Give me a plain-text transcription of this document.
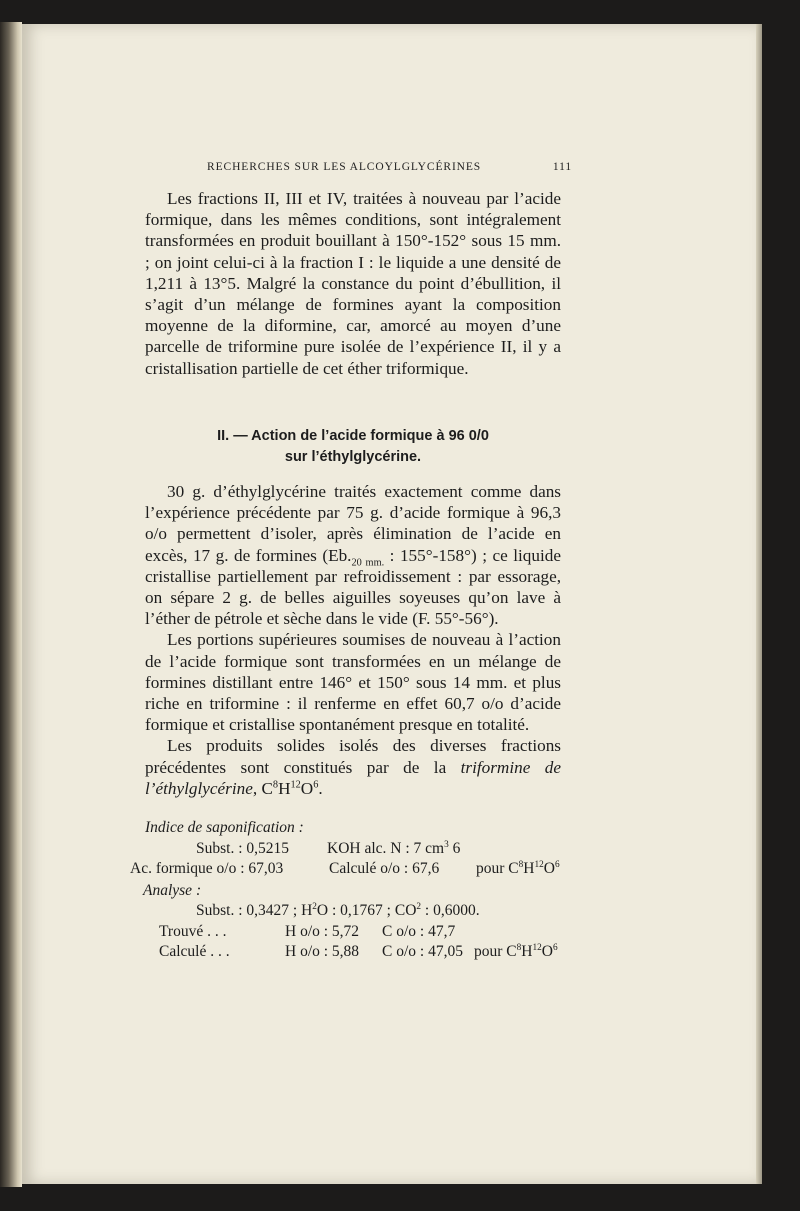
RECHERCHES SUR LES ALCOYLGLYCÉRINES	111

Les fractions II, III et IV, traitées à nouveau par l’acide formique, dans les mêmes conditions, sont intégralement transformées en produit bouillant à 150°-152° sous 15 mm. ; on joint celui-ci à la fraction I : le liquide a une densité de 1,211 à 13°5. Malgré la constance du point d’ébullition, il s’agit d’un mélange de formines ayant la composition moyenne de la diformine, car, amorcé au moyen d’une parcelle de triformine pure isolée de l’expérience II, il y a cristallisation partielle de cet éther triformique.

II. — Action de l’acide formique à 96 0/0
sur l’éthylglycérine.

30 g. d’éthylglycérine traités exactement comme dans l’expérience précédente par 75 g. d’acide formique à 96,3 o/o permettent d’isoler, après élimination de l’acide en excès, 17 g. de formines ($Eb._{20 mm.}$ : 155°-158°) ; ce liquide cristallise partiellement par refroidissement : par essorage, on sépare 2 g. de belles aiguilles soyeuses qu’on lave à l’éther de pétrole et sèche dans le vide (F. 55°-56°).

Les portions supérieures soumises de nouveau à l’action de l’acide formique sont transformées en un mélange de formines distillant entre 146° et 150° sous 14 mm. et plus riche en triformine : il renferme en effet 60,7 o/o d’acide formique et cristallise spontanément presque en totalité.

Les produits solides isolés des diverses fractions précédentes sont constitués par de la triformine de l’éthylglycérine, $C^8H^{12}O^6$.

Indice de saponification :
Subst. : 0,5215 KOH alc. N : 7 $cm^3$ 6
Ac. formique o/o : 67,03	Calculé o/o : 67,6 pour $C^8H^{12}O^6$
Analyse :
Subst. : 0,3427 ; $H^2O$ : 0,1767 ; $CO^2$ : 0,6000.
Trouvé . . .	H o/o : 5,72 C o/o : 47,7
Calculé . . .	H o/o : 5,88 C o/o : 47,05 pour $C^8H^{12}O^6$
